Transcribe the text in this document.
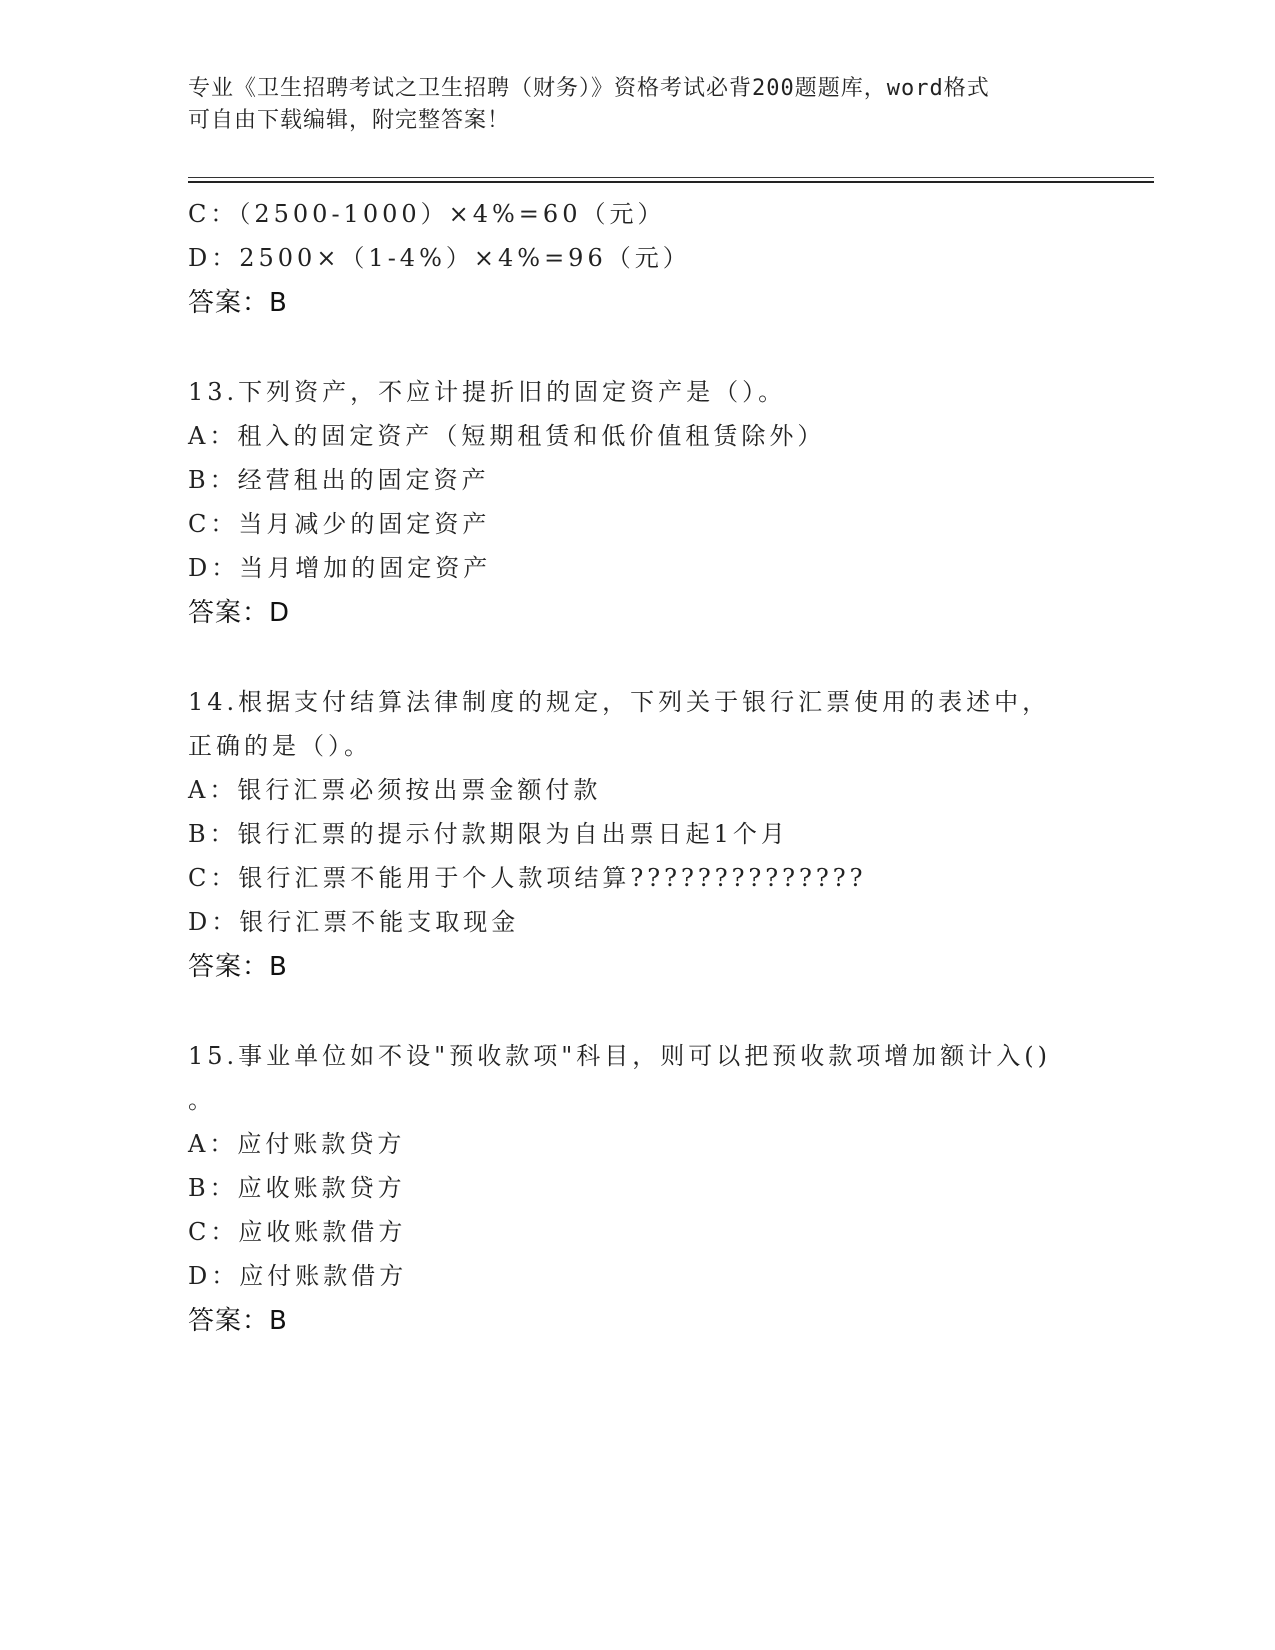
专业《卫生招聘考试之卫生招聘（财务）》资格考试必背200题题库，word格式
可自由下载编辑，附完整答案！
C：（2500-1000）×4%=60（元）
D：2500×（1-4%）×4%=96（元）
答案：B
13.下列资产，不应计提折旧的固定资产是（）。
A：租入的固定资产（短期租赁和低价值租赁除外）
B：经营租出的固定资产
C：当月减少的固定资产
D：当月增加的固定资产
答案：D
14.根据支付结算法律制度的规定，下列关于银行汇票使用的表述中，
正确的是（）。
A：银行汇票必须按出票金额付款
B：银行汇票的提示付款期限为自出票日起1个月
C：银行汇票不能用于个人款项结算??????????????
D：银行汇票不能支取现金
答案：B
15.事业单位如不设"预收款项"科目，则可以把预收款项增加额计入()
。
A：应付账款贷方
B：应收账款贷方
C：应收账款借方
D：应付账款借方
答案：B
